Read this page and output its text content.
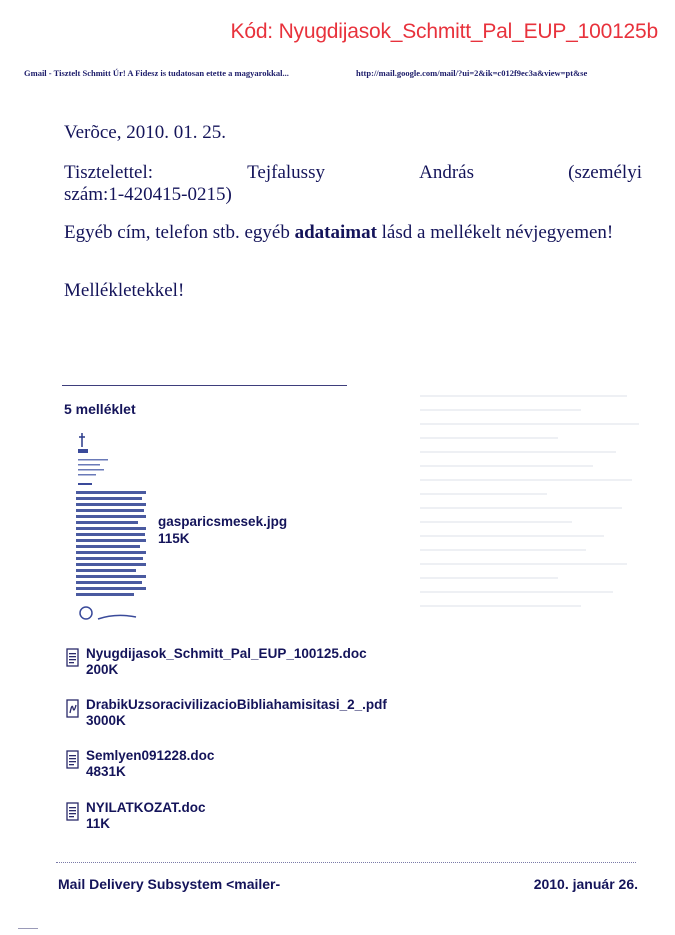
Kód: Nyugdijasok_Schmitt_Pal_EUP_100125b
Gmail - Tisztelt Schmitt Úr! A Fidesz is tudatosan etette a magyarokkal...	http://mail.google.com/mail/?ui=2&ik=c012f9ec3a&view=pt&se
Verõce, 2010. 01. 25.
Tisztelettel:	Tejfalussy	András	(személyi
szám:1-420415-0215)
Egyéb cím, telefon stb. egyéb adataimat lásd a mellékelt névjegyemen!
Mellékletekkel!
5 melléklet
gasparicsmesek.jpg
115K
Nyugdijasok_Schmitt_Pal_EUP_100125.doc
200K
DrabikUzsoracivilizacioBibliahamisitasi_2_.pdf
3000K
Semlyen091228.doc
4831K
NYILATKOZAT.doc
11K
Mail Delivery Subsystem <mailer-	2010. január 26.
